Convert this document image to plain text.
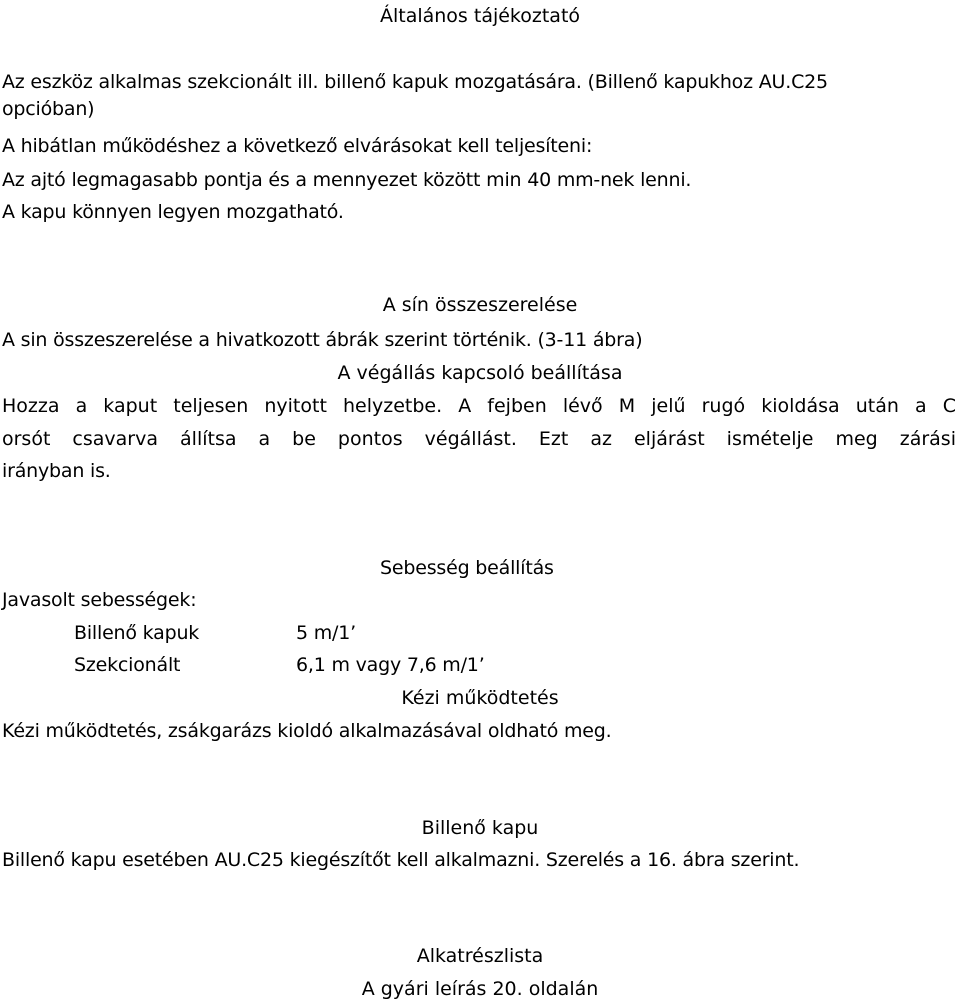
Általános tájékoztató
Az eszköz alkalmas szekcionált ill. billenő kapuk mozgatására. (Billenő kapukhoz AU.C25
opcióban)
A hibátlan működéshez a következő elvárásokat kell teljesíteni:
Az ajtó legmagasabb pontja és a mennyezet között min 40 mm-nek lenni.
A kapu könnyen legyen mozgatható.
A sín összeszerelése
A sin összeszerelése a hivatkozott ábrák szerint történik. (3-11 ábra)
A végállás kapcsoló beállítása
Hozza a kaput teljesen nyitott helyzetbe. A fejben lévő M jelű rugó kioldása után a C
orsót csavarva állítsa a be pontos végállást. Ezt az eljárást ismételje meg zárási
irányban is.
Sebesség beállítás
Javasolt sebességek:
Billenő kapuk	5 m/1’
Szekcionált	6,1 m vagy 7,6 m/1’
Kézi működtetés
Kézi működtetés, zsákgarázs kioldó alkalmazásával oldható meg.
Billenő kapu
Billenő kapu esetében AU.C25 kiegészítőt kell alkalmazni. Szerelés a 16. ábra szerint.
Alkatrészlista
A gyári leírás 20. oldalán
